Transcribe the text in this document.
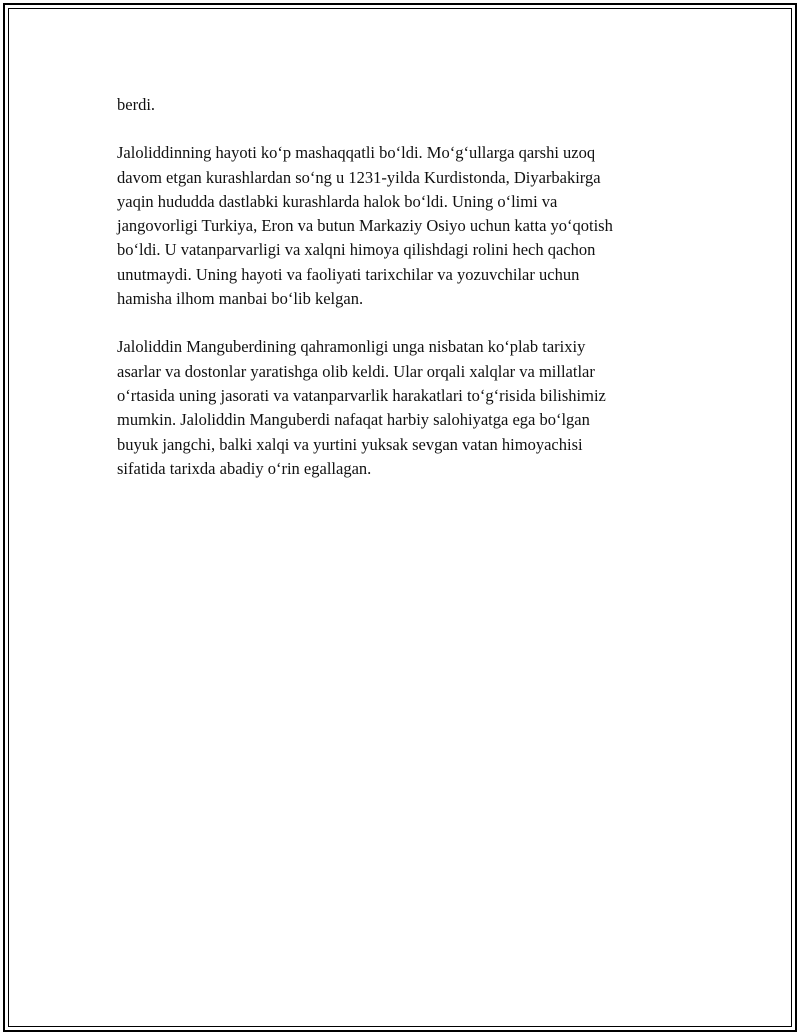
berdi.

Jaloliddinning hayoti ko‘p mashaqqatli bo‘ldi. Mo‘g‘ullarga qarshi uzoq
davom etgan kurashlardan so‘ng u 1231-yilda Kurdistonda, Diyarbakirga
yaqin hududda dastlabki kurashlarda halok bo‘ldi. Uning o‘limi va
jangovorligi Turkiya, Eron va butun Markaziy Osiyo uchun katta yo‘qotish
bo‘ldi. U vatanparvarligi va xalqni himoya qilishdagi rolini hech qachon
unutmaydi. Uning hayoti va faoliyati tarixchilar va yozuvchilar uchun
hamisha ilhom manbai bo‘lib kelgan.

Jaloliddin Manguberdining qahramonligi unga nisbatan ko‘plab tarixiy
asarlar va dostonlar yaratishga olib keldi. Ular orqali xalqlar va millatlar
o‘rtasida uning jasorati va vatanparvarlik harakatlari to‘g‘risida bilishimiz
mumkin. Jaloliddin Manguberdi nafaqat harbiy salohiyatga ega bo‘lgan
buyuk jangchi, balki xalqi va yurtini yuksak sevgan vatan himoyachisi
sifatida tarixda abadiy o‘rin egallagan.
